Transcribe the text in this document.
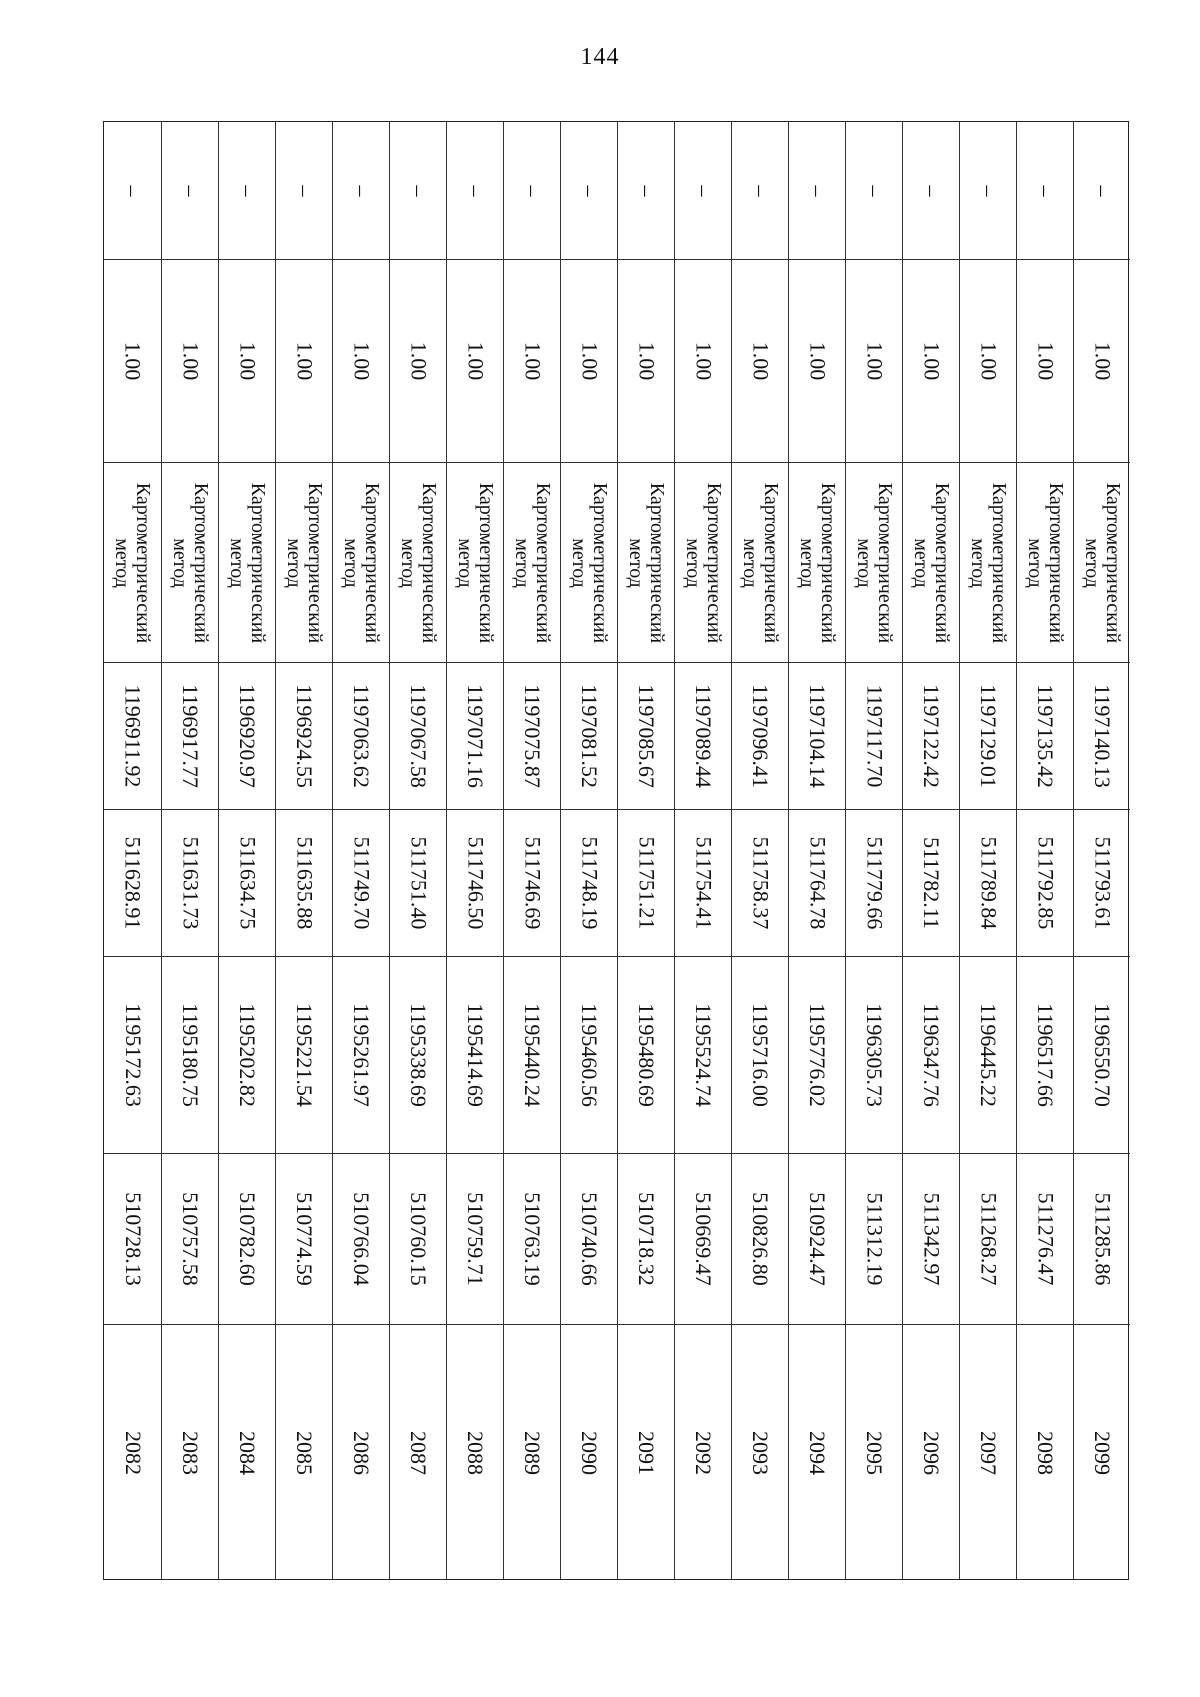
144
–
1.00
Картометрический метод
1196911.92
511628.91
1195172.63
510728.13
2082
–
1.00
Картометрический метод
1196917.77
511631.73
1195180.75
510757.58
2083
–
1.00
Картометрический метод
1196920.97
511634.75
1195202.82
510782.60
2084
–
1.00
Картометрический метод
1196924.55
511635.88
1195221.54
510774.59
2085
–
1.00
Картометрический метод
1197063.62
511749.70
1195261.97
510766.04
2086
–
1.00
Картометрический метод
1197067.58
511751.40
1195338.69
510760.15
2087
–
1.00
Картометрический метод
1197071.16
511746.50
1195414.69
510759.71
2088
–
1.00
Картометрический метод
1197075.87
511746.69
1195440.24
510763.19
2089
–
1.00
Картометрический метод
1197081.52
511748.19
1195460.56
510740.66
2090
–
1.00
Картометрический метод
1197085.67
511751.21
1195480.69
510718.32
2091
–
1.00
Картометрический метод
1197089.44
511754.41
1195524.74
510669.47
2092
–
1.00
Картометрический метод
1197096.41
511758.37
1195716.00
510826.80
2093
–
1.00
Картометрический метод
1197104.14
511764.78
1195776.02
510924.47
2094
–
1.00
Картометрический метод
1197117.70
511779.66
1196305.73
511312.19
2095
–
1.00
Картометрический метод
1197122.42
511782.11
1196347.76
511342.97
2096
–
1.00
Картометрический метод
1197129.01
511789.84
1196445.22
511268.27
2097
–
1.00
Картометрический метод
1197135.42
511792.85
1196517.66
511276.47
2098
–
1.00
Картометрический метод
1197140.13
511793.61
1196550.70
511285.86
2099
